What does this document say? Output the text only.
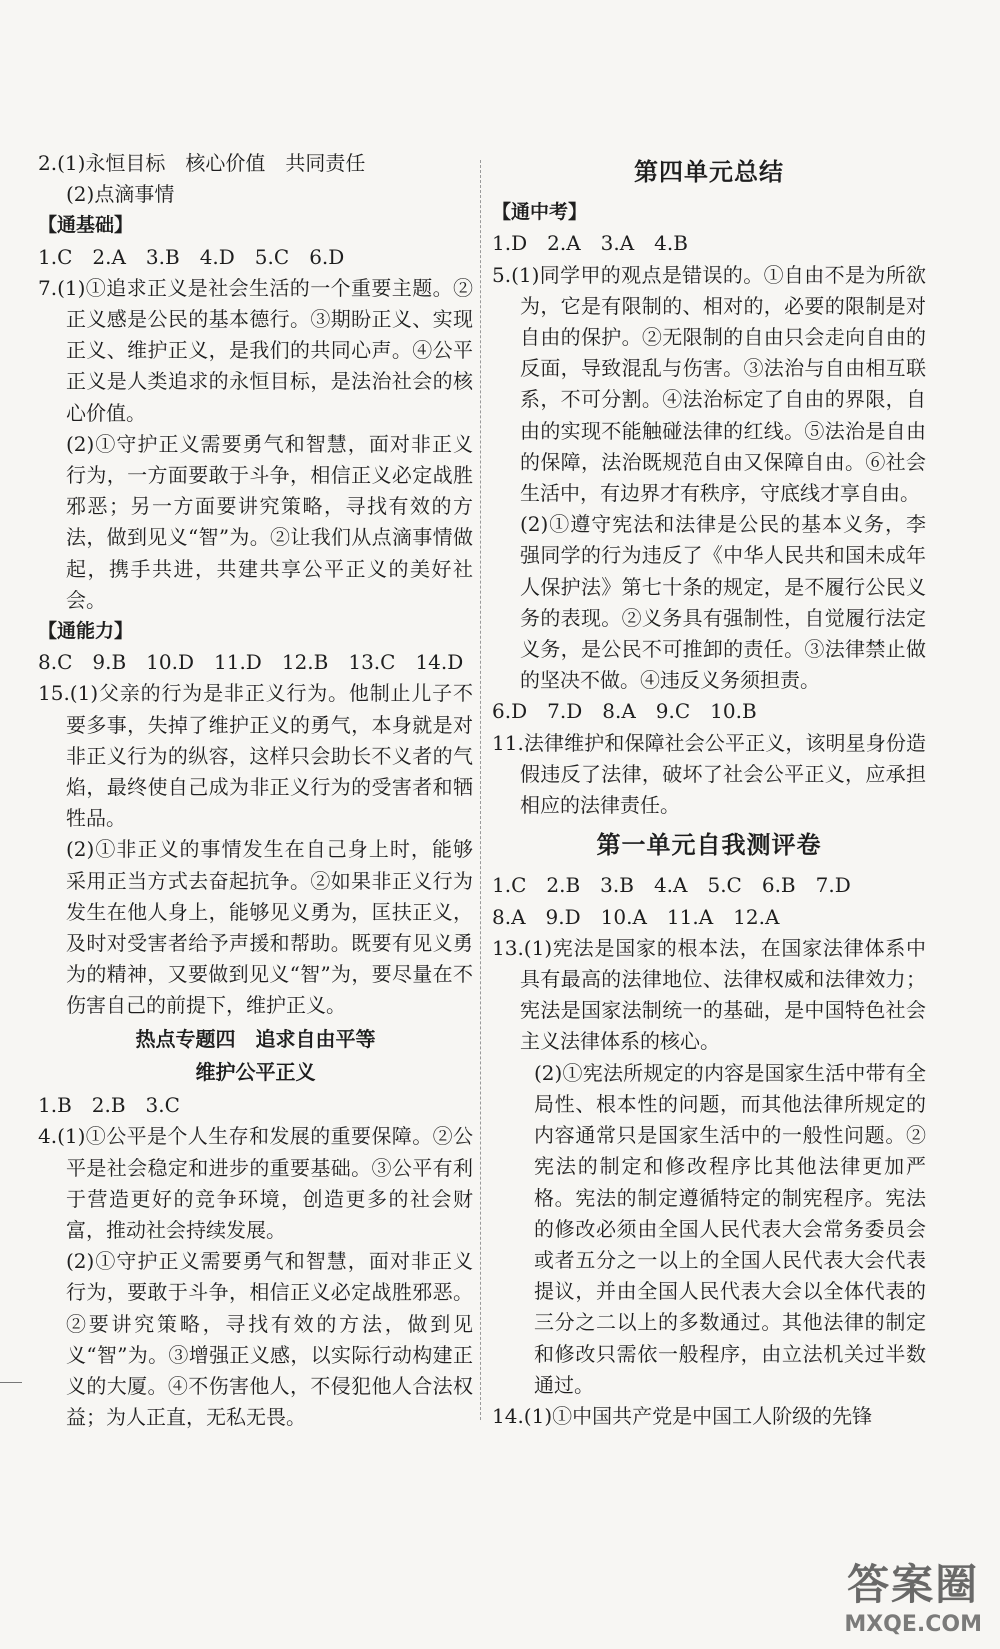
2.(1)永恒目标　核心价值　共同责任

(2)点滴事情

【通基础】

1.C　2.A　3.B　4.D　5.C　6.D

7.(1)①追求正义是社会生活的一个重要主题。②正义感是公民的基本德行。③期盼正义、实现正义、维护正义，是我们的共同心声。④公平正义是人类追求的永恒目标，是法治社会的核心价值。

(2)①守护正义需要勇气和智慧，面对非正义行为，一方面要敢于斗争，相信正义必定战胜邪恶；另一方面要讲究策略，寻找有效的方法，做到见义“智”为。②让我们从点滴事情做起，携手共进，共建共享公平正义的美好社会。

【通能力】

8.C　9.B　10.D　11.D　12.B　13.C　14.D

15.(1)父亲的行为是非正义行为。他制止儿子不要多事，失掉了维护正义的勇气，本身就是对非正义行为的纵容，这样只会助长不义者的气焰，最终使自己成为非正义行为的受害者和牺牲品。

(2)①非正义的事情发生在自己身上时，能够采用正当方式去奋起抗争。②如果非正义行为发生在他人身上，能够见义勇为，匡扶正义，及时对受害者给予声援和帮助。既要有见义勇为的精神，又要做到见义“智”为，要尽量在不伤害自己的前提下，维护正义。

热点专题四　追求自由平等

维护公平正义

1.B　2.B　3.C

4.(1)①公平是个人生存和发展的重要保障。②公平是社会稳定和进步的重要基础。③公平有利于营造更好的竞争环境，创造更多的社会财富，推动社会持续发展。

(2)①守护正义需要勇气和智慧，面对非正义行为，要敢于斗争，相信正义必定战胜邪恶。②要讲究策略，寻找有效的方法，做到见义“智”为。③增强正义感，以实际行动构建正义的大厦。④不伤害他人，不侵犯他人合法权益；为人正直，无私无畏。

第四单元总结

【通中考】

1.D　2.A　3.A　4.B

5.(1)同学甲的观点是错误的。①自由不是为所欲为，它是有限制的、相对的，必要的限制是对自由的保护。②无限制的自由只会走向自由的反面，导致混乱与伤害。③法治与自由相互联系，不可分割。④法治标定了自由的界限，自由的实现不能触碰法律的红线。⑤法治是自由的保障，法治既规范自由又保障自由。⑥社会生活中，有边界才有秩序，守底线才享自由。

(2)①遵守宪法和法律是公民的基本义务，李强同学的行为违反了《中华人民共和国未成年人保护法》第七十条的规定，是不履行公民义务的表现。②义务具有强制性，自觉履行法定义务，是公民不可推卸的责任。③法律禁止做的坚决不做。④违反义务须担责。

6.D　7.D　8.A　9.C　10.B

11.法律维护和保障社会公平正义，该明星身份造假违反了法律，破坏了社会公平正义，应承担相应的法律责任。

第一单元自我测评卷

1.C　2.B　3.B　4.A　5.C　6.B　7.D

8.A　9.D　10.A　11.A　12.A

13.(1)宪法是国家的根本法，在国家法律体系中具有最高的法律地位、法律权威和法律效力；宪法是国家法制统一的基础，是中国特色社会主义法律体系的核心。

(2)①宪法所规定的内容是国家生活中带有全局性、根本性的问题，而其他法律所规定的内容通常只是国家生活中的一般性问题。②宪法的制定和修改程序比其他法律更加严格。宪法的制定遵循特定的制宪程序。宪法的修改必须由全国人民代表大会常务委员会或者五分之一以上的全国人民代表大会代表提议，并由全国人民代表大会以全体代表的三分之二以上的多数通过。其他法律的制定和修改只需依一般程序，由立法机关过半数通过。

14.(1)①中国共产党是中国工人阶级的先锋

答案圈
MXQE.COM
